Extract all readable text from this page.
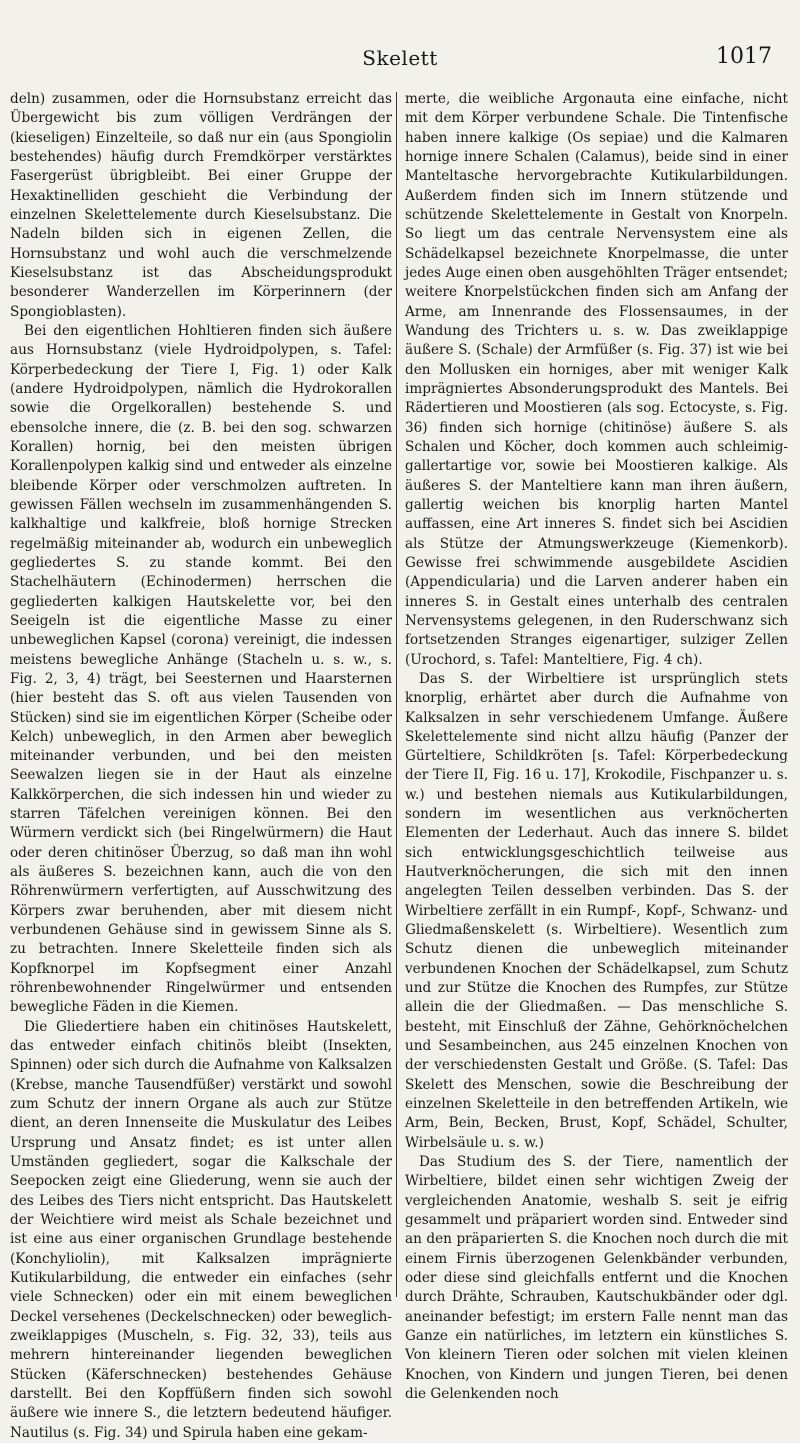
Skelett	1017

deln) zusammen, oder die Hornsubstanz erreicht das Übergewicht bis zum völligen Verdrängen der (kieseligen) Einzelteile, so daß nur ein (aus Spongiolin bestehendes) häufig durch Fremdkörper verstärktes Fasergerüst übrigbleibt. Bei einer Gruppe der Hexaktinelliden geschieht die Verbindung der einzelnen Skelettelemente durch Kieselsubstanz. Die Nadeln bilden sich in eigenen Zellen, die Hornsubstanz und wohl auch die verschmelzende Kieselsubstanz ist das Abscheidungsprodukt besonderer Wanderzellen im Körperinnern (der Spongioblasten).

Bei den eigentlichen Hohltieren finden sich äußere aus Hornsubstanz (viele Hydroidpolypen, s. Tafel: Körperbedeckung der Tiere I, Fig. 1) oder Kalk (andere Hydroidpolypen, nämlich die Hydrokorallen sowie die Orgelkorallen) bestehende S. und ebensolche innere, die (z. B. bei den sog. schwarzen Korallen) hornig, bei den meisten übrigen Korallenpolypen kalkig sind und entweder als einzelne bleibende Körper oder verschmolzen auftreten. In gewissen Fällen wechseln im zusammenhängenden S. kalkhaltige und kalkfreie, bloß hornige Strecken regelmäßig miteinander ab, wodurch ein unbeweglich gegliedertes S. zu stande kommt. Bei den Stachelhäutern (Echinodermen) herrschen die gegliederten kalkigen Hautskelette vor, bei den Seeigeln ist die eigentliche Masse zu einer unbeweglichen Kapsel (corona) vereinigt, die indessen meistens bewegliche Anhänge (Stacheln u. s. w., s. Fig. 2, 3, 4) trägt, bei Seesternen und Haarsternen (hier besteht das S. oft aus vielen Tausenden von Stücken) sind sie im eigentlichen Körper (Scheibe oder Kelch) unbeweglich, in den Armen aber beweglich miteinander verbunden, und bei den meisten Seewalzen liegen sie in der Haut als einzelne Kalkkörperchen, die sich indessen hin und wieder zu starren Täfelchen vereinigen können. Bei den Würmern verdickt sich (bei Ringelwürmern) die Haut oder deren chitinöser Überzug, so daß man ihn wohl als äußeres S. bezeichnen kann, auch die von den Röhrenwürmern verfertigten, auf Ausschwitzung des Körpers zwar beruhenden, aber mit diesem nicht verbundenen Gehäuse sind in gewissem Sinne als S. zu betrachten. Innere Skeletteile finden sich als Kopfknorpel im Kopfsegment einer Anzahl röhrenbewohnender Ringelwürmer und entsenden bewegliche Fäden in die Kiemen.

Die Gliedertiere haben ein chitinöses Hautskelett, das entweder einfach chitinös bleibt (Insekten, Spinnen) oder sich durch die Aufnahme von Kalksalzen (Krebse, manche Tausendfüßer) verstärkt und sowohl zum Schutz der innern Organe als auch zur Stütze dient, an deren Innenseite die Muskulatur des Leibes Ursprung und Ansatz findet; es ist unter allen Umständen gegliedert, sogar die Kalkschale der Seepocken zeigt eine Gliederung, wenn sie auch der des Leibes des Tiers nicht entspricht. Das Hautskelett der Weichtiere wird meist als Schale bezeichnet und ist eine aus einer organischen Grundlage bestehende (Konchyliolin), mit Kalksalzen imprägnierte Kutikularbildung, die entweder ein einfaches (sehr viele Schnecken) oder ein mit einem beweglichen Deckel versehenes (Deckelschnecken) oder beweglich-zweiklappiges (Muscheln, s. Fig. 32, 33), teils aus mehrern hintereinander liegenden beweglichen Stücken (Käferschnecken) bestehendes Gehäuse darstellt. Bei den Kopffüßern finden sich sowohl äußere wie innere S., die letztern bedeutend häufiger. Nautilus (s. Fig. 34) und Spirula haben eine gekam-

merte, die weibliche Argonauta eine einfache, nicht mit dem Körper verbundene Schale. Die Tintenfische haben innere kalkige (Os sepiae) und die Kalmaren hornige innere Schalen (Calamus), beide sind in einer Manteltasche hervorgebrachte Kutikularbildungen. Außerdem finden sich im Innern stützende und schützende Skelettelemente in Gestalt von Knorpeln. So liegt um das centrale Nervensystem eine als Schädelkapsel bezeichnete Knorpelmasse, die unter jedes Auge einen oben ausgehöhlten Träger entsendet; weitere Knorpelstückchen finden sich am Anfang der Arme, am Innenrande des Flossensaumes, in der Wandung des Trichters u. s. w. Das zweiklappige äußere S. (Schale) der Armfüßer (s. Fig. 37) ist wie bei den Mollusken ein horniges, aber mit weniger Kalk imprägniertes Absonderungsprodukt des Mantels. Bei Rädertieren und Moostieren (als sog. Ectocyste, s. Fig. 36) finden sich hornige (chitinöse) äußere S. als Schalen und Köcher, doch kommen auch schleimig-gallertartige vor, sowie bei Moostieren kalkige. Als äußeres S. der Manteltiere kann man ihren äußern, gallertig weichen bis knorplig harten Mantel auffassen, eine Art inneres S. findet sich bei Ascidien als Stütze der Atmungswerkzeuge (Kiemenkorb). Gewisse frei schwimmende ausgebildete Ascidien (Appendicularia) und die Larven anderer haben ein inneres S. in Gestalt eines unterhalb des centralen Nervensystems gelegenen, in den Ruderschwanz sich fortsetzenden Stranges eigenartiger, sulziger Zellen (Urochord, s. Tafel: Manteltiere, Fig. 4 ch).

Das S. der Wirbeltiere ist ursprünglich stets knorplig, erhärtet aber durch die Aufnahme von Kalksalzen in sehr verschiedenem Umfange. Äußere Skelettelemente sind nicht allzu häufig (Panzer der Gürteltiere, Schildkröten [s. Tafel: Körperbedeckung der Tiere II, Fig. 16 u. 17], Krokodile, Fischpanzer u. s. w.) und bestehen niemals aus Kutikularbildungen, sondern im wesentlichen aus verknöcherten Elementen der Lederhaut. Auch das innere S. bildet sich entwicklungsgeschichtlich teilweise aus Hautverknöcherungen, die sich mit den innen angelegten Teilen desselben verbinden. Das S. der Wirbeltiere zerfällt in ein Rumpf-, Kopf-, Schwanz- und Gliedmaßenskelett (s. Wirbeltiere). Wesentlich zum Schutz dienen die unbeweglich miteinander verbundenen Knochen der Schädelkapsel, zum Schutz und zur Stütze die Knochen des Rumpfes, zur Stütze allein die der Gliedmaßen. — Das menschliche S. besteht, mit Einschluß der Zähne, Gehörknöchelchen und Sesambeinchen, aus 245 einzelnen Knochen von der verschiedensten Gestalt und Größe. (S. Tafel: Das Skelett des Menschen, sowie die Beschreibung der einzelnen Skeletteile in den betreffenden Artikeln, wie Arm, Bein, Becken, Brust, Kopf, Schädel, Schulter, Wirbelsäule u. s. w.)

Das Studium des S. der Tiere, namentlich der Wirbeltiere, bildet einen sehr wichtigen Zweig der vergleichenden Anatomie, weshalb S. seit je eifrig gesammelt und präpariert worden sind. Entweder sind an den präparierten S. die Knochen noch durch die mit einem Firnis überzogenen Gelenkbänder verbunden, oder diese sind gleichfalls entfernt und die Knochen durch Drähte, Schrauben, Kautschukbänder oder dgl. aneinander befestigt; im erstern Falle nennt man das Ganze ein natürliches, im letztern ein künstliches S. Von kleinern Tieren oder solchen mit vielen kleinen Knochen, von Kindern und jungen Tieren, bei denen die Gelenkenden noch
